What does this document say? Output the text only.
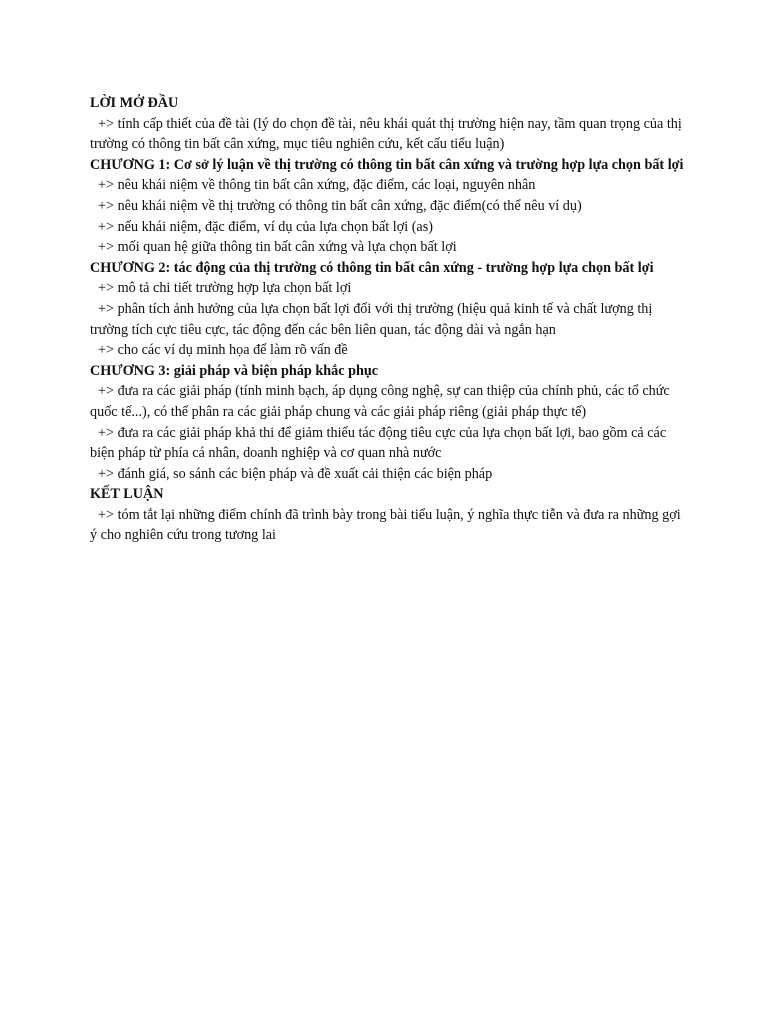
LỜI MỞ ĐẦU

+> tính cấp thiết của đề tài (lý do chọn đề tài, nêu khái quát thị trường hiện nay, tầm quan trọng của thị trường có thông tin bất cân xứng, mục tiêu nghiên cứu, kết cấu tiểu luận)

CHƯƠNG 1: Cơ sở lý luận về thị trường có thông tin bất cân xứng và trường hợp lựa chọn bất lợi

+> nêu khái niệm về thông tin bất cân xứng, đặc điểm, các loại, nguyên nhân

+> nêu khái niệm về thị trường có thông tin bất cân xứng, đặc điểm(có thể nêu ví dụ)

+> nếu khái niệm, đặc điểm, ví dụ của lựa chọn bất lợi (as)

+> mối quan hệ giữa thông tin bất cân xứng và lựa chọn bất lợi

CHƯƠNG 2: tác động của thị trường có thông tin bất cân xứng - trường hợp lựa chọn bất lợi

+> mô tả chi tiết trường hợp lựa chọn bất lợi

+> phân tích ảnh hưởng của lựa chọn bất lợi đối với thị trường (hiệu quả kinh tế và chất lượng thị trường tích cực tiêu cực, tác động đến các bên liên quan, tác động dài và ngắn hạn

+> cho các ví dụ minh họa để làm rõ vấn đề

CHƯƠNG 3: giải pháp và biện pháp khắc phục

+> đưa ra các giải pháp (tính minh bạch, áp dụng công nghệ, sự can thiệp của chính phủ, các tổ chức quốc tế...), có thể phân ra các giải pháp chung và các giải pháp riêng (giải pháp thực tế)

+> đưa ra các giải pháp khả thi để giảm thiểu tác động tiêu cực của lựa chọn bất lợi, bao gồm cả các biện pháp từ phía cá nhân, doanh nghiệp và cơ quan nhà nước

+> đánh giá, so sánh các biện pháp và đề xuất cải thiện các biện pháp

KẾT LUẬN

+> tóm tắt lại những điểm chính đã trình bày trong bài tiểu luận, ý nghĩa thực tiễn và đưa ra những gợi ý cho nghiên cứu trong tương lai
